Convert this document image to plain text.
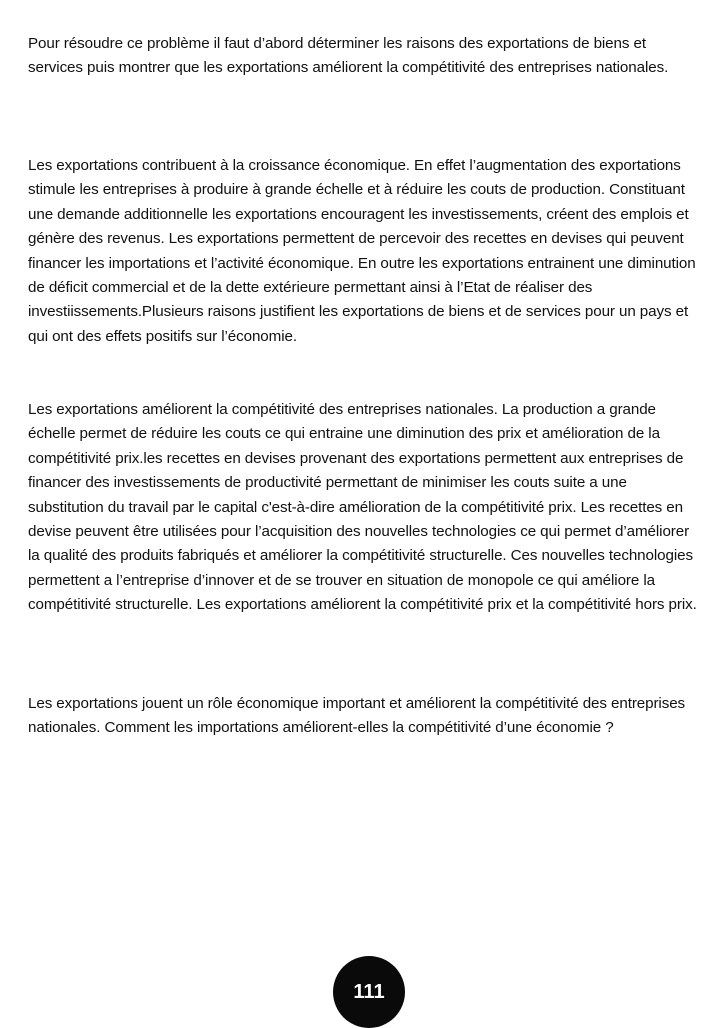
Pour résoudre ce problème il faut d’abord déterminer les raisons des exportations de biens et services puis montrer que les exportations améliorent la compétitivité des entreprises nationales.

Les exportations contribuent à la croissance économique. En effet l’augmentation des exportations stimule les entreprises à produire à grande échelle et à réduire les couts de production. Constituant une demande additionnelle les exportations encouragent les investissements, créent des emplois et génère des revenus. Les exportations permettent de percevoir des recettes en devises qui peuvent financer les importations et l’activité économique. En outre les exportations entrainent une diminution de déficit commercial et de la dette extérieure permettant ainsi à l’Etat de réaliser des investiissements.Plusieurs raisons justifient les exportations de biens et de services pour un pays et qui ont des effets positifs sur l’économie.

Les exportations améliorent la compétitivité des entreprises nationales. La production a grande échelle permet de réduire les couts ce qui entraine une diminution des prix et amélioration de la compétitivité prix.les recettes en devises provenant des exportations permettent aux entreprises de financer des investissements de productivité permettant de minimiser les couts suite a une substitution du travail par le capital c'est-à-dire amélioration de la compétitivité prix. Les recettes en devise peuvent être utilisées pour l’acquisition des nouvelles technologies ce qui permet d’améliorer la qualité des produits fabriqués et améliorer la compétitivité structurelle. Ces nouvelles technologies permettent a l’entreprise d’innover et de se trouver en situation de monopole ce qui améliore la compétitivité structurelle. Les exportations améliorent la compétitivité prix et la compétitivité hors prix.

Les exportations jouent un rôle économique important et améliorent la compétitivité des entreprises nationales. Comment les importations améliorent-elles la compétitivité d’une économie ?

111
